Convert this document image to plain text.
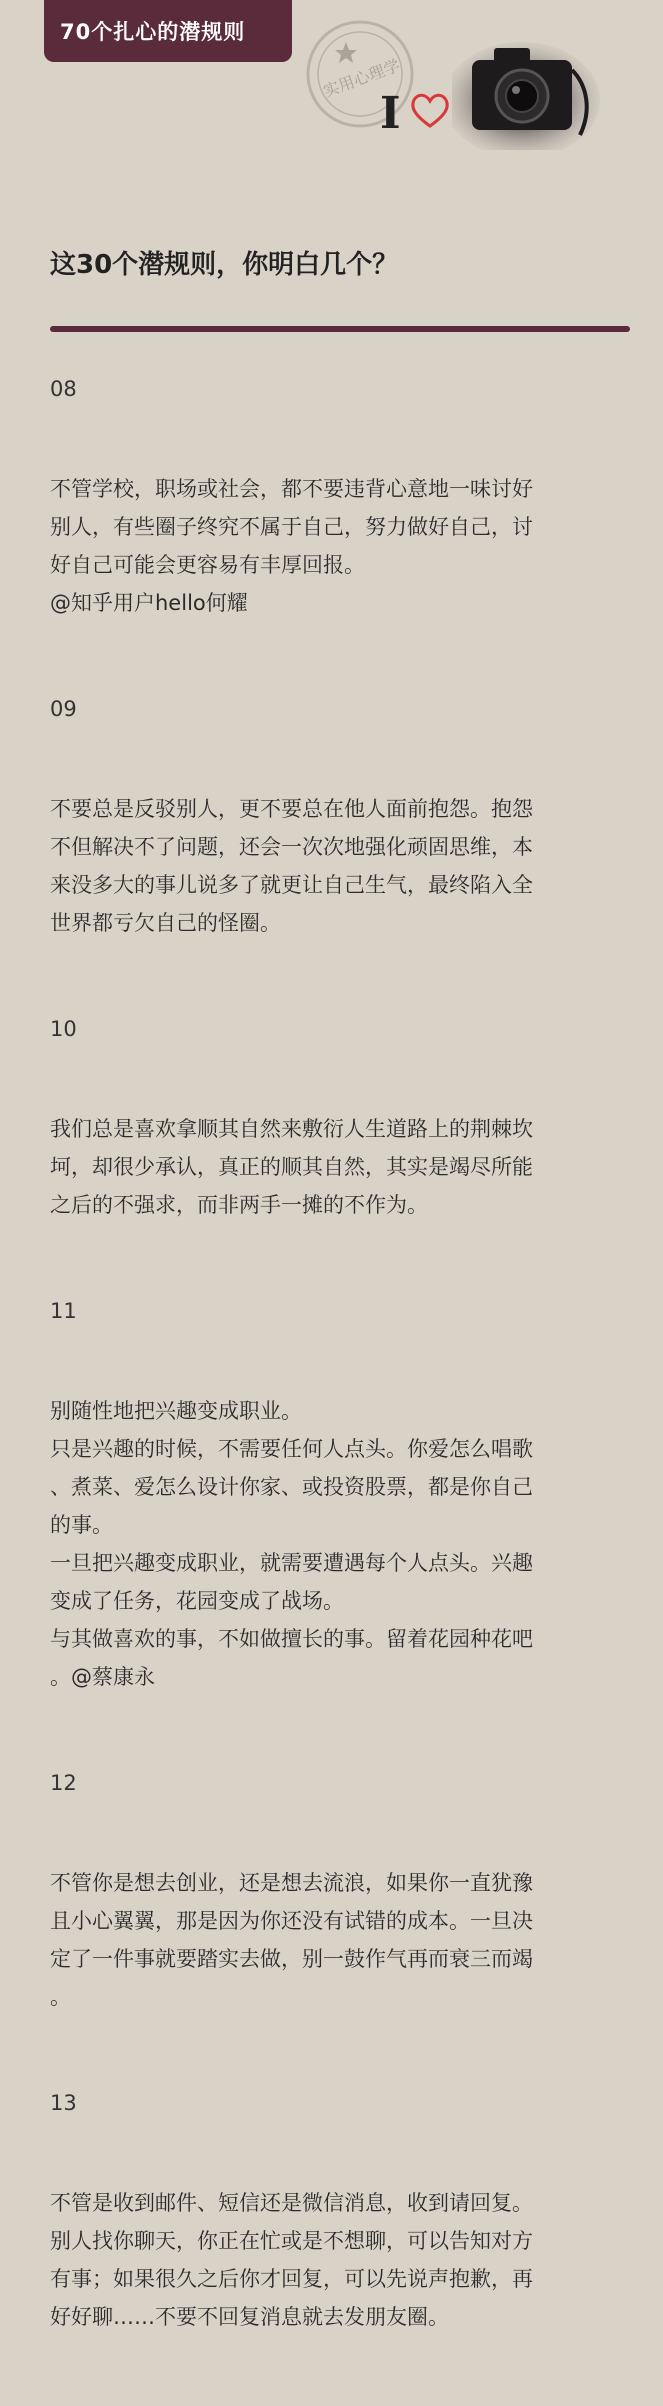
70个扎心的潜规则
实用心理学
I
这30个潜规则，你明白几个？
08

不管学校，职场或社会，都不要违背心意地一味讨好

别人，有些圈子终究不属于自己，努力做好自己，讨

好自己可能会更容易有丰厚回报。

@知乎用户hello何耀

09

不要总是反驳别人，更不要总在他人面前抱怨。抱怨

不但解决不了问题，还会一次次地强化顽固思维，本

来没多大的事儿说多了就更让自己生气，最终陷入全

世界都亏欠自己的怪圈。

10

我们总是喜欢拿顺其自然来敷衍人生道路上的荆棘坎

坷，却很少承认，真正的顺其自然，其实是竭尽所能

之后的不强求，而非两手一摊的不作为。

11

别随性地把兴趣变成职业。

只是兴趣的时候，不需要任何人点头。你爱怎么唱歌

、煮菜、爱怎么设计你家、或投资股票，都是你自己

的事。

一旦把兴趣变成职业，就需要遭遇每个人点头。兴趣

变成了任务，花园变成了战场。

与其做喜欢的事，不如做擅长的事。留着花园种花吧

。@蔡康永

12

不管你是想去创业，还是想去流浪，如果你一直犹豫

且小心翼翼，那是因为你还没有试错的成本。一旦决

定了一件事就要踏实去做，别一鼓作气再而衰三而竭

。

13

不管是收到邮件、短信还是微信消息，收到请回复。

别人找你聊天，你正在忙或是不想聊，可以告知对方

有事；如果很久之后你才回复，可以先说声抱歉，再

好好聊……不要不回复消息就去发朋友圈。
